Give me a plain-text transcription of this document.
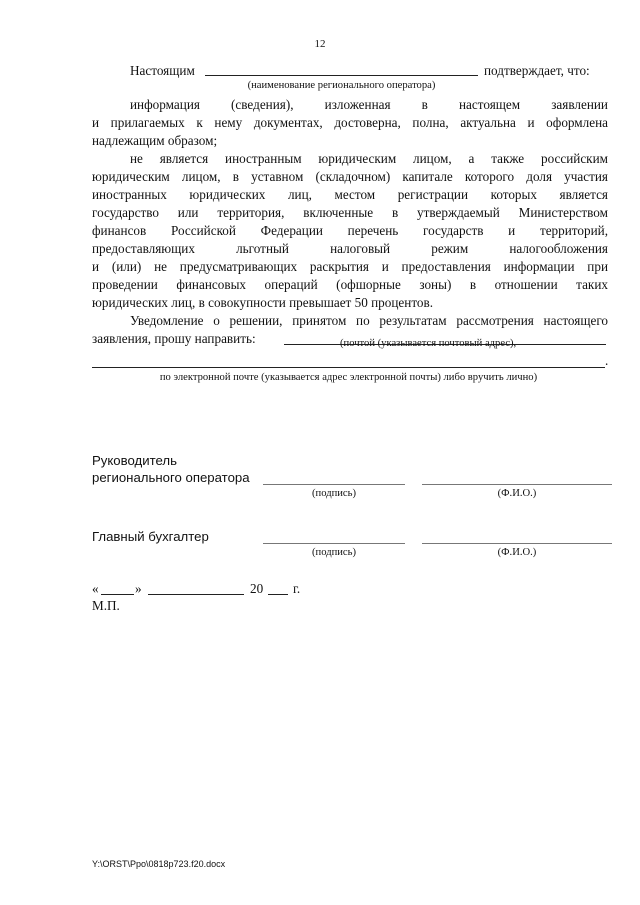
12
Настоящим	подтверждает, что:
(наименование регионального оператора)
информация (сведения), изложенная в настоящем заявлении
и прилагаемых к нему документах, достоверна, полна, актуальна и оформлена
надлежащим образом;
не является иностранным юридическим лицом, а также российским
юридическим лицом, в уставном (складочном) капитале которого доля участия
иностранных юридических лиц, местом регистрации которых является
государство или территория, включенные в утверждаемый Министерством
финансов Российской Федерации перечень государств и территорий,
предоставляющих льготный налоговый режим налогообложения
и (или) не предусматривающих раскрытия и предоставления информации при
проведении финансовых операций (офшорные зоны) в отношении таких
юридических лиц, в совокупности превышает 50 процентов.
Уведомление о решении, принятом по результатам рассмотрения настоящего
заявления, прошу направить:	(почтой (указывается почтовый адрес),
.
по электронной почте (указывается адрес электронной почты) либо вручить лично)
Руководитель
регионального оператора
(подпись)	(Ф.И.О.)
Главный бухгалтер
(подпись)	(Ф.И.О.)
«	»	20 г.
М.П.
Y:\ORST\Ppo\0818p723.f20.docx
